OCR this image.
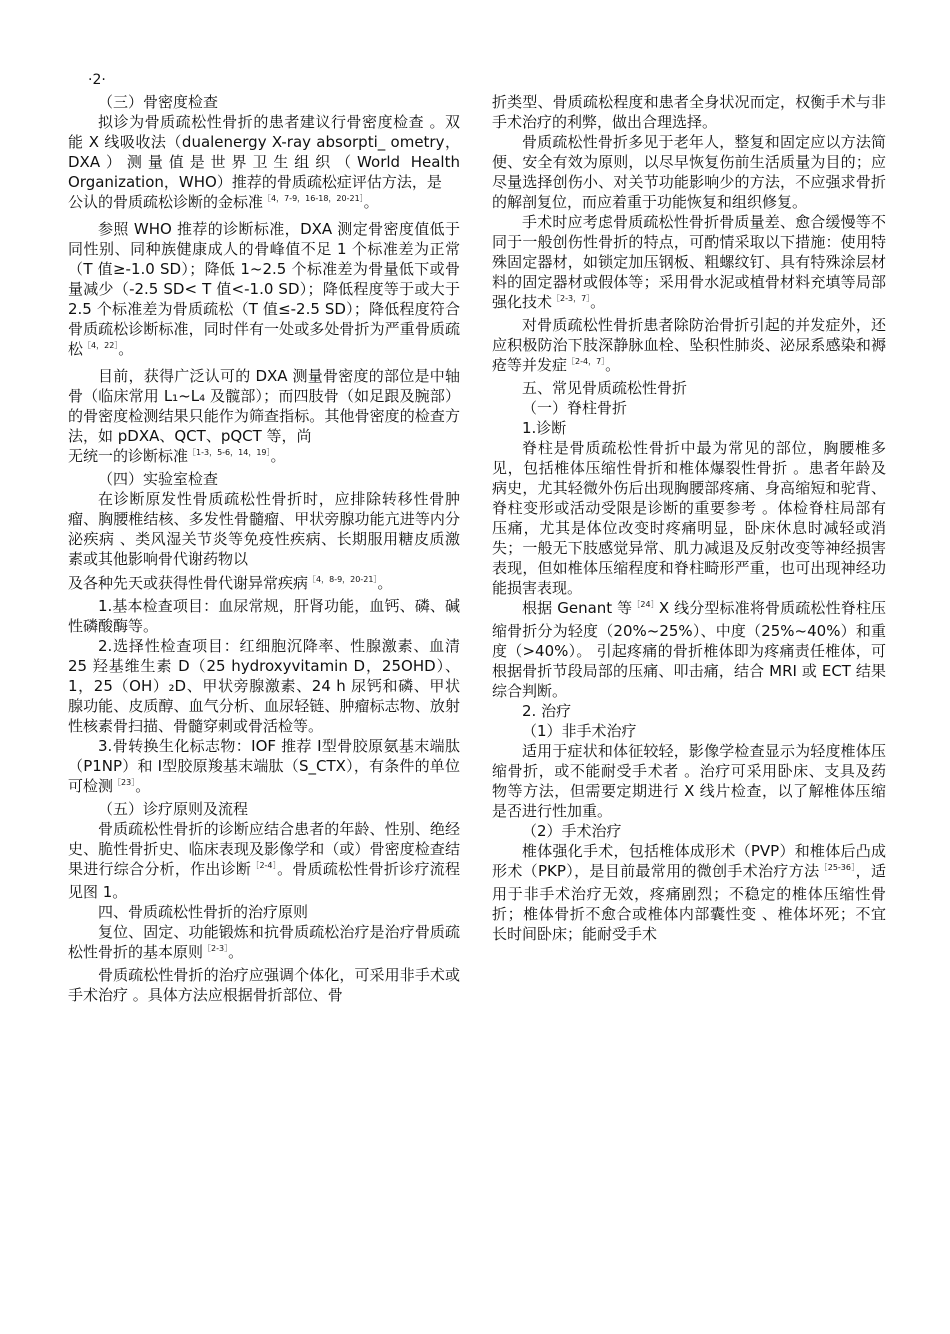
·2·

（三）骨密度检查

拟诊为骨质疏松性骨折的患者建议行骨密度检查 。双能 X 线吸收法（dualenergy X-ray absorpti_ ometry，DXA）测量值是世界卫生组织（World Health Organization，WHO）推荐的骨质疏松症评估方法，是

公认的骨质疏松诊断的金标准$^{[4,7-9,16-18,20-21]}$。

参照 WHO 推荐的诊断标准，DXA 测定骨密度值低于同性别、同种族健康成人的骨峰值不足 1 个标准差为正常（T 值≥-1.0 SD）；降低 1~2.5 个标准差为骨量低下或骨量减少（-2.5 SD< T 值<-1.0 SD）；降低程度等于或大于 2.5 个标准差为骨质疏松（T 值≤-2.5 SD）；降低程度符合骨质疏松诊断标准，同时伴有一处或多处骨折为严重骨质疏松$^{[4,22]}$。

目前，获得广泛认可的 DXA 测量骨密度的部位是中轴骨（临床常用 L₁~L₄ 及髋部）；而四肢骨（如足跟及腕部）的骨密度检测结果只能作为筛查指标。其他骨密度的检查方法，如 pDXA、QCT、pQCT 等，尚

无统一的诊断标准$^{[1-3,5-6,14,19]}$。

（四）实验室检查

在诊断原发性骨质疏松性骨折时，应排除转移性骨肿瘤、胸腰椎结核、多发性骨髓瘤、甲状旁腺功能亢进等内分泌疾病 、类风湿关节炎等免疫性疾病、长期服用糖皮质激素或其他影响骨代谢药物以

及各种先天或获得性骨代谢异常疾病$^{[4,8-9,20-21]}$。

1.基本检查项目：血尿常规，肝肾功能，血钙、磷、碱性磷酸酶等。

2.选择性检查项目：红细胞沉降率、性腺激素、血清 25 羟基维生素 D（25 hydroxyvitamin D，25OHD）、 1，25（OH）₂D、甲状旁腺激素、24 h 尿钙和磷、甲状腺功能、皮质醇、血气分析、血尿轻链、肿瘤标志物、放射性核素骨扫描、骨髓穿刺或骨活检等。

3.骨转换生化标志物：IOF 推荐 I型骨胶原氨基末端肽（P1NP）和 I型胶原羧基末端肽（S_CTX），有条件的单位可检测$^{[23]}$。

（五）诊疗原则及流程

骨质疏松性骨折的诊断应结合患者的年龄、性别、绝经史、脆性骨折史、临床表现及影像学和（或）骨密度检查结果进行综合分析，作出诊断$^{[2-4]}$。骨质疏松性骨折诊疗流程见图 1。

四、骨质疏松性骨折的治疗原则

复位、固定、功能锻炼和抗骨质疏松治疗是治疗骨质疏松性骨折的基本原则$^{[2-3]}$。

骨质疏松性骨折的治疗应强调个体化，可采用非手术或手术治疗 。具体方法应根据骨折部位、骨

折类型、骨质疏松程度和患者全身状况而定，权衡手术与非手术治疗的利弊，做出合理选择。

骨质疏松性骨折多见于老年人，整复和固定应以方法简便、安全有效为原则，以尽早恢复伤前生活质量为目的；应尽量选择创伤小、对关节功能影响少的方法，不应强求骨折的解剖复位，而应着重于功能恢复和组织修复。

手术时应考虑骨质疏松性骨折骨质量差、愈合缓慢等不同于一般创伤性骨折的特点，可酌情采取以下措施：使用特殊固定器材，如锁定加压钢板、粗螺纹钉、具有特殊涂层材料的固定器材或假体等；采用骨水泥或植骨材料充填等局部强化技术$^{[2-3,7]}$。

对骨质疏松性骨折患者除防治骨折引起的并发症外，还应积极防治下肢深静脉血栓、坠积性肺炎、泌尿系感染和褥疮等并发症$^{[2-4,7]}$。

五、常见骨质疏松性骨折

（一）脊柱骨折

1.诊断

脊柱是骨质疏松性骨折中最为常见的部位，胸腰椎多见，包括椎体压缩性骨折和椎体爆裂性骨折 。患者年龄及病史，尤其轻微外伤后出现胸腰部疼痛、身高缩短和驼背、脊柱变形或活动受限是诊断的重要参考 。体检脊柱局部有压痛，尤其是体位改变时疼痛明显，卧床休息时减轻或消失；一般无下肢感觉异常、肌力减退及反射改变等神经损害表现，但如椎体压缩程度和脊柱畸形严重，也可出现神经功能损害表现。

根据 Genant 等$^{[24]}$X 线分型标准将骨质疏松性脊柱压缩骨折分为轻度（20%~25%）、中度（25%~40%）和重度（>40%）。 引起疼痛的骨折椎体即为疼痛责任椎体，可根据骨折节段局部的压痛、叩击痛，结合 MRI 或 ECT 结果综合判断。

2. 治疗

（1）非手术治疗

适用于症状和体征较轻，影像学检查显示为轻度椎体压缩骨折，或不能耐受手术者 。治疗可采用卧床、支具及药物等方法，但需要定期进行 X 线片检查，以了解椎体压缩是否进行性加重。

（2）手术治疗

椎体强化手术，包括椎体成形术（PVP）和椎体后凸成形术（PKP），是目前最常用的微创手术治疗方法$^{[25-36]}$，适用于非手术治疗无效，疼痛剧烈；不稳定的椎体压缩性骨折；椎体骨折不愈合或椎体内部囊性变 、椎体坏死；不宜长时间卧床；能耐受手术
